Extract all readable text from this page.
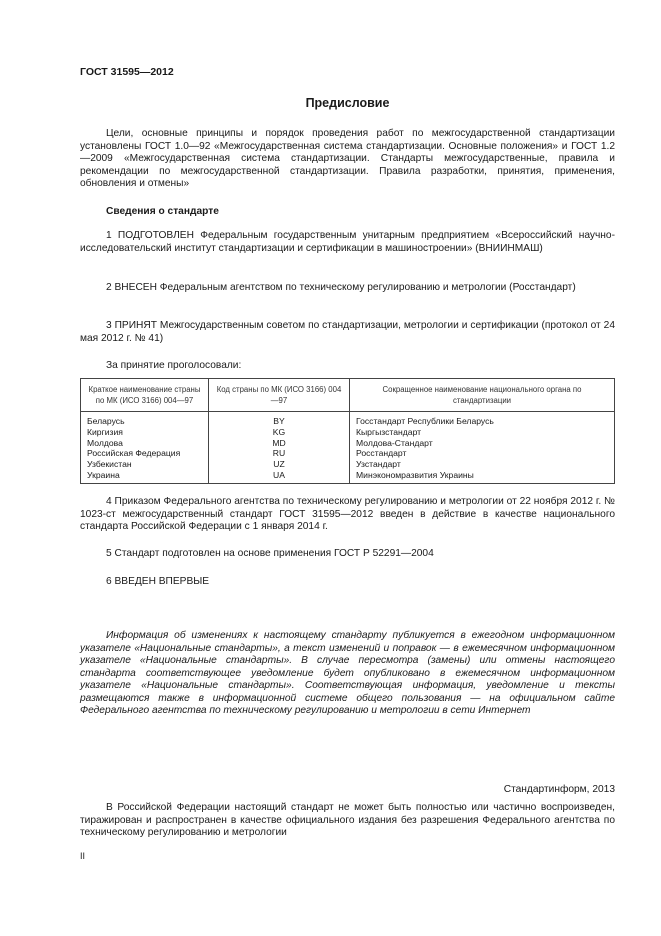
ГОСТ 31595—2012
Предисловие
Цели, основные принципы и порядок проведения работ по межгосударственной стандартизации установлены ГОСТ 1.0—92 «Межгосударственная система стандартизации. Основные положения» и ГОСТ 1.2—2009 «Межгосударственная система стандартизации. Стандарты межгосударственные, правила и рекомендации по межгосударственной стандартизации. Правила разработки, принятия, применения, обновления и отмены»
Сведения о стандарте
1 ПОДГОТОВЛЕН Федеральным государственным унитарным предприятием «Всероссийский научно-исследовательский институт стандартизации и сертификации в машиностроении» (ВНИИНМАШ)
2 ВНЕСЕН Федеральным агентством по техническому регулированию и метрологии (Росстандарт)
3 ПРИНЯТ Межгосударственным советом по стандартизации, метрологии и сертификации (протокол от 24 мая 2012 г. № 41)
За принятие проголосовали:
Краткое наименование страны по МК (ИСО 3166) 004—97	Код страны по МК (ИСО 3166) 004—97	Сокращенное наименование национального органа по стандартизации
Беларусь	BY	Госстандарт Республики Беларусь
Киргизия	KG	Кыргызстандарт
Молдова	MD	Молдова-Стандарт
Российская Федерация	RU	Росстандарт
Узбекистан	UZ	Узстандарт
Украина	UA	Минэкономразвития Украины
4 Приказом Федерального агентства по техническому регулированию и метрологии от 22 ноября 2012 г. № 1023-ст межгосударственный стандарт ГОСТ 31595—2012 введен в действие в качестве национального стандарта Российской Федерации с 1 января 2014 г.
5 Стандарт подготовлен на основе применения ГОСТ Р 52291—2004
6 ВВЕДЕН ВПЕРВЫЕ
Информация об изменениях к настоящему стандарту публикуется в ежегодном информационном указателе «Национальные стандарты», а текст изменений и поправок — в ежемесячном информационном указателе «Национальные стандарты». В случае пересмотра (замены) или отмены настоящего стандарта соответствующее уведомление будет опубликовано в ежемесячном информационном указателе «Национальные стандарты». Соответствующая информация, уведомление и тексты размещаются также в информационной системе общего пользования — на официальном сайте Федерального агентства по техническому регулированию и метрологии в сети Интернет
Стандартинформ, 2013
В Российской Федерации настоящий стандарт не может быть полностью или частично воспроизведен, тиражирован и распространен в качестве официального издания без разрешения Федерального агентства по техническому регулированию и метрологии
II
